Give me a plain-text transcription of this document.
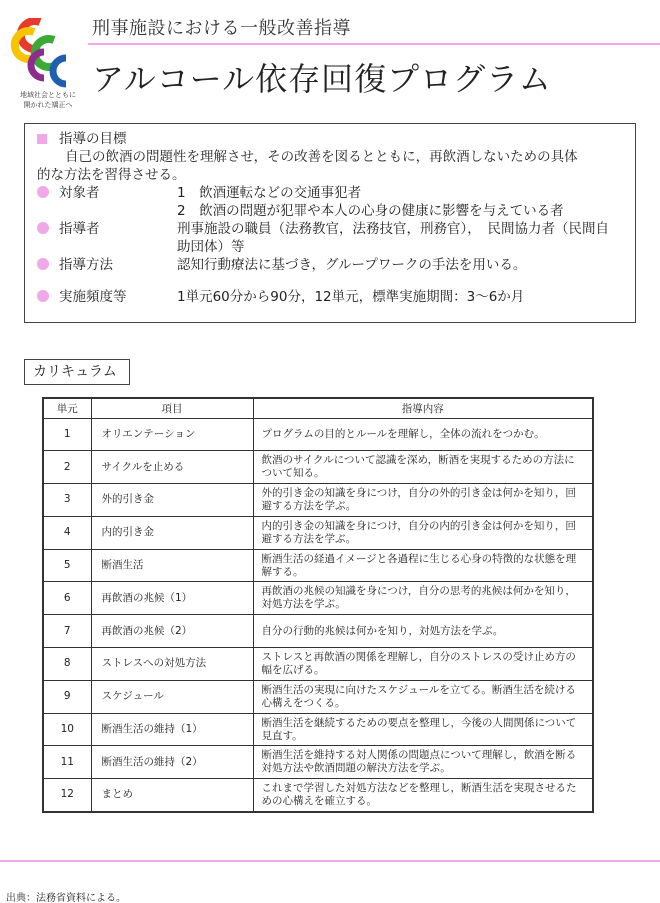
地域社会とともに
開かれた矯正へ
刑事施設における一般改善指導
アルコール依存回復プログラム
指導の目標
自己の飲酒の問題性を理解させ，その改善を図るとともに，再飲酒しないための具体
的な方法を習得させる。
対象者	1　飲酒運転などの交通事犯者
2　飲酒の問題が犯罪や本人の心身の健康に影響を与えている者
指導者	刑事施設の職員（法務教官，法務技官，刑務官），　民間協力者（民間自
助団体）等
指導方法	認知行動療法に基づき，グループワークの手法を用いる。
実施頻度等	1単元60分から90分，12単元，標準実施期間：3～6か月
カリキュラム
単元	項目	指導内容
1	オリエンテーション	プログラムの目的とルールを理解し，全体の流れをつかむ。
2	サイクルを止める	飲酒のサイクルについて認識を深め，断酒を実現するための方法について知る。
3	外的引き金	外的引き金の知識を身につけ，自分の外的引き金は何かを知り，回避する方法を学ぶ。
4	内的引き金	内的引き金の知識を身につけ，自分の内的引き金は何かを知り，回避する方法を学ぶ。
5	断酒生活	断酒生活の経過イメージと各過程に生じる心身の特徴的な状態を理解する。
6	再飲酒の兆候（1）	再飲酒の兆候の知識を身につけ，自分の思考的兆候は何かを知り，対処方法を学ぶ。
7	再飲酒の兆候（2）	自分の行動的兆候は何かを知り，対処方法を学ぶ。
8	ストレスへの対処方法	ストレスと再飲酒の関係を理解し，自分のストレスの受け止め方の幅を広げる。
9	スケジュール	断酒生活の実現に向けたスケジュールを立てる。断酒生活を続ける心構えをつくる。
10	断酒生活の維持（1）	断酒生活を継続するための要点を整理し，今後の人間関係について見直す。
11	断酒生活の維持（2）	断酒生活を維持する対人関係の問題点について理解し，飲酒を断る対処方法や飲酒問題の解決方法を学ぶ。
12	まとめ	これまで学習した対処方法などを整理し，断酒生活を実現させるための心構えを確立する。
出典：法務省資料による。
